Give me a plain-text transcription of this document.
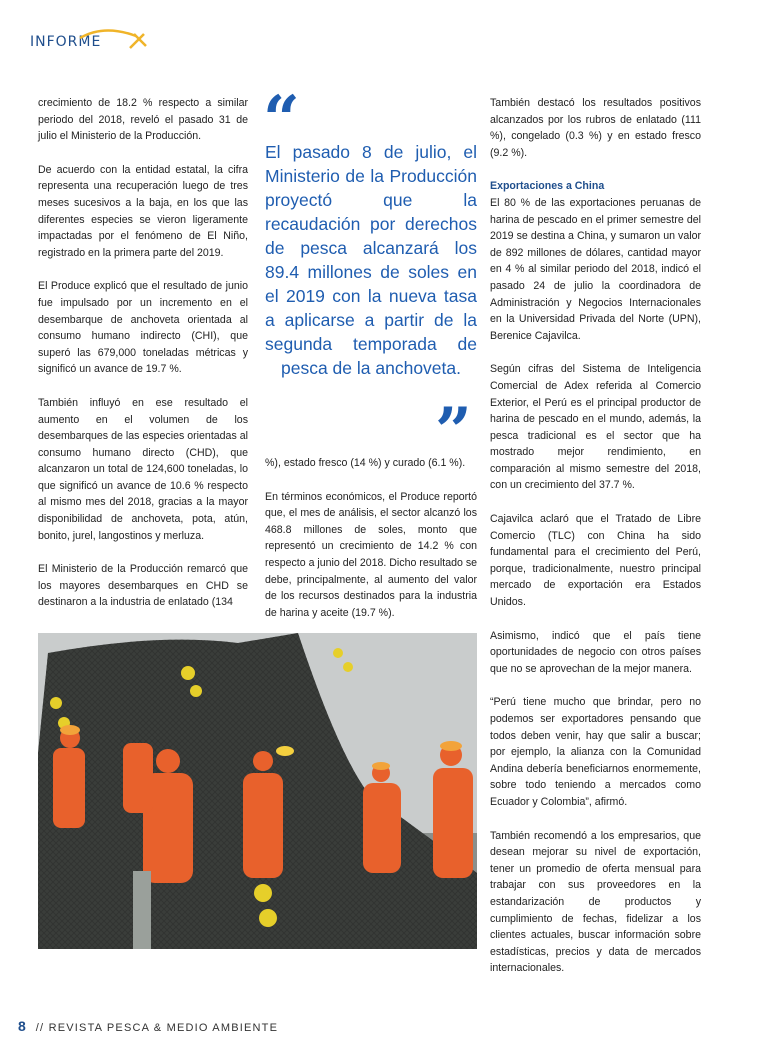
INFORME

crecimiento de 18.2 % respecto a similar periodo del 2018, reveló el pasado 31 de julio el Ministerio de la Producción.

De acuerdo con la entidad estatal, la cifra representa una recuperación luego de tres meses sucesivos a la baja, en los que las diferentes especies se vieron ligeramente impactadas por el fenómeno de El Niño, registrado en la primera parte del 2019.

El Produce explicó que el resultado de junio fue impulsado por un incremento en el desembarque de anchoveta orientada al consumo humano indirecto (CHI), que superó las 679,000 toneladas métricas y significó un avance de 19.7 %.

También influyó en ese resultado el aumento en el volumen de los desembarques de las especies orientadas al consumo humano directo (CHD), que alcanzaron un total de 124,600 toneladas, lo que significó un avance de 10.6 % respecto al mismo mes del 2018, gracias a la mayor disponibilidad de anchoveta, pota, atún, bonito, jurel, langostinos y merluza.

El Ministerio de la Producción remarcó que los mayores desembarques en CHD se destinaron a la industria de enlatado (134

“
El pasado 8 de julio, el Ministerio de la Producción proyectó que la recaudación por derechos de pesca alcanzará los 89.4 millones de soles en el 2019 con la nueva tasa a aplicarse a partir de la segunda temporada de pesca de la anchoveta.
”

%), estado fresco (14 %) y curado (6.1 %).

En términos económicos, el Produce reportó que, el mes de análisis, el sector alcanzó los 468.8 millones de soles, monto que representó un crecimiento de 14.2 % con respecto a junio del 2018. Dicho resultado se debe, principalmente, al aumento del valor de los recursos destinados para la industria de harina y aceite (19.7 %).

También destacó los resultados positivos alcanzados por los rubros de enlatado (111 %), congelado (0.3 %) y en estado fresco (9.2 %).

Exportaciones a China

El 80 % de las exportaciones peruanas de harina de pescado en el primer semestre del 2019 se destina a China, y sumaron un valor de 892 millones de dólares, cantidad mayor en 4 % al similar periodo del 2018, indicó el pasado 24 de julio la coordinadora de Administración y Negocios Internacionales en la Universidad Privada del Norte (UPN), Berenice Cajavilca.

Según cifras del Sistema de Inteligencia Comercial de Adex referida al Comercio Exterior, el Perú es el principal productor de harina de pescado en el mundo, además, la pesca tradicional es el sector que ha mostrado mejor rendimiento, en comparación al mismo semestre del 2018, con un crecimiento del 37.7 %.

Cajavilca aclaró que el Tratado de Libre Comercio (TLC) con China ha sido fundamental para el crecimiento del Perú, porque, tradicionalmente, nuestro principal mercado de exportación era Estados Unidos.

Asimismo, indicó que el país tiene oportunidades de negocio con otros países que no se aprovechan de la mejor manera.

“Perú tiene mucho que brindar, pero no podemos ser exportadores pensando que todos deben venir, hay que salir a buscar; por ejemplo, la alianza con la Comunidad Andina debería beneficiarnos enormemente, sobre todo teniendo a mercados como Ecuador y Colombia”, afirmó.

También recomendó a los empresarios, que desean mejorar su nivel de exportación, tener un promedio de oferta mensual para trabajar con sus proveedores en la estandarización de productos y cumplimiento de fechas, fidelizar a los clientes actuales, buscar información sobre estadísticas, precios y data de mercados internacionales.

8 // REVISTA PESCA & MEDIO AMBIENTE
